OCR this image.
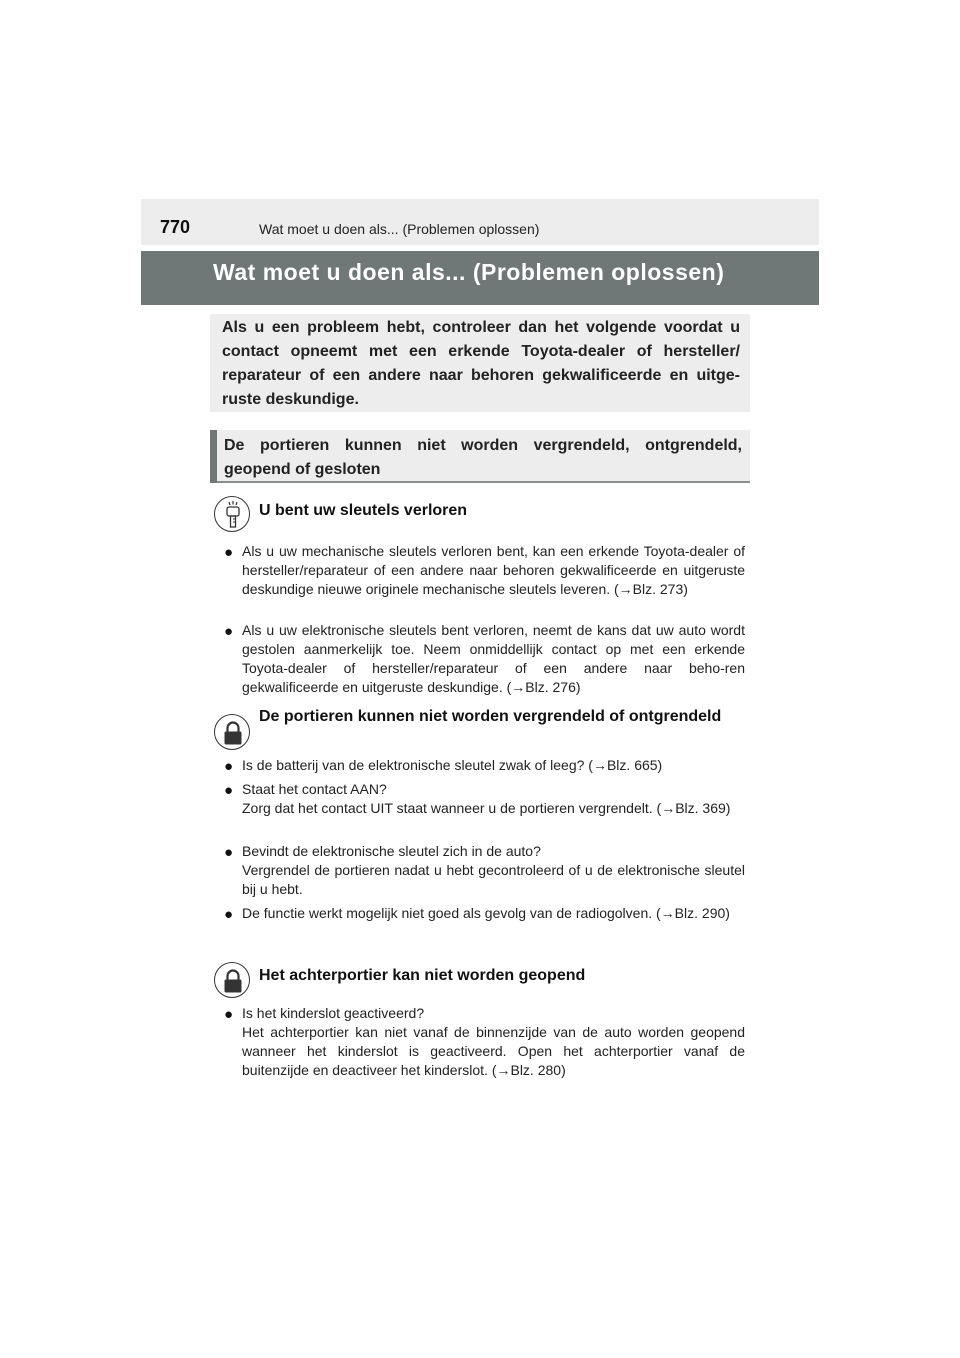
770	Wat moet u doen als... (Problemen oplossen)
Wat moet u doen als... (Problemen oplossen)
Als u een probleem hebt, controleer dan het volgende voordat u contact opneemt met een erkende Toyota-dealer of hersteller/ reparateur of een andere naar behoren gekwalificeerde en uitge- ruste deskundige.
De portieren kunnen niet worden vergrendeld, ontgrendeld, geopend of gesloten
U bent uw sleutels verloren
● Als u uw mechanische sleutels verloren bent, kan een erkende Toyota-dealer of hersteller/reparateur of een andere naar behoren gekwalificeerde en uitgeruste deskundige nieuwe originele mechanische sleutels leveren. (→Blz. 273)
● Als u uw elektronische sleutels bent verloren, neemt de kans dat uw auto wordt gestolen aanmerkelijk toe. Neem onmiddellijk contact op met een erkende Toyota-dealer of hersteller/reparateur of een andere naar beho-ren gekwalificeerde en uitgeruste deskundige. (→Blz. 276)
De portieren kunnen niet worden vergrendeld of ontgrendeld
● Is de batterij van de elektronische sleutel zwak of leeg? (→Blz. 665)
● Staat het contact AAN?
Zorg dat het contact UIT staat wanneer u de portieren vergrendelt. (→Blz. 369)
● Bevindt de elektronische sleutel zich in de auto?
Vergrendel de portieren nadat u hebt gecontroleerd of u de elektronische sleutel bij u hebt.
● De functie werkt mogelijk niet goed als gevolg van de radiogolven. (→Blz. 290)
Het achterportier kan niet worden geopend
● Is het kinderslot geactiveerd?
Het achterportier kan niet vanaf de binnenzijde van de auto worden geopend wanneer het kinderslot is geactiveerd. Open het achterportier vanaf de buitenzijde en deactiveer het kinderslot. (→Blz. 280)
